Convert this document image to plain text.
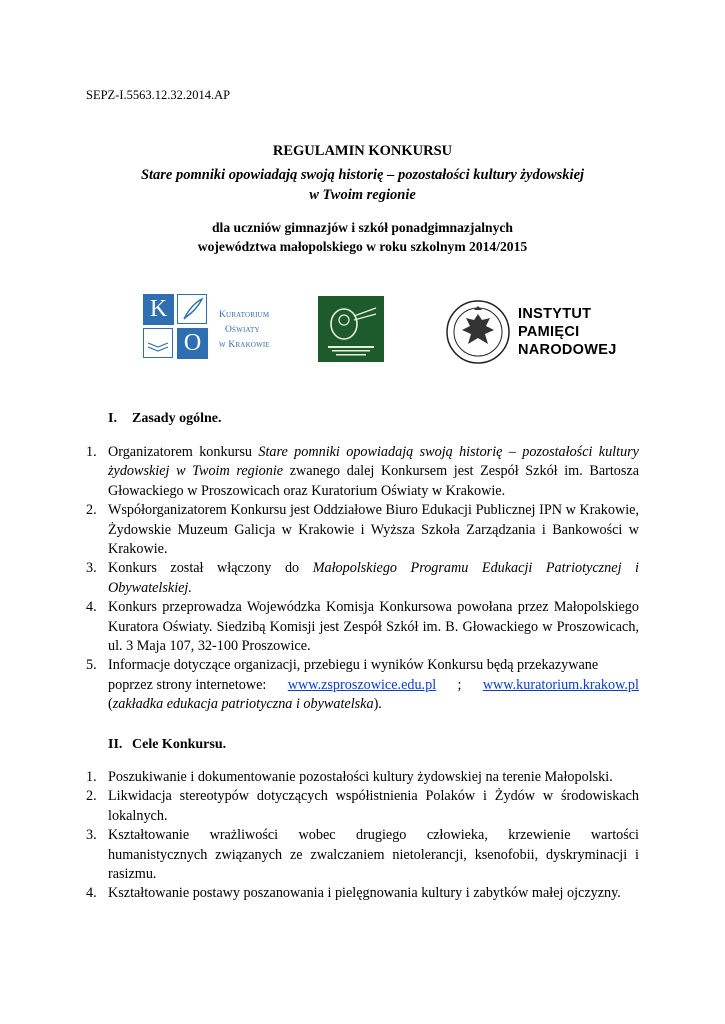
SEPZ-I.5563.12.32.2014.AP
REGULAMIN KONKURSU
Stare pomniki opowiadają swoją historię – pozostałości kultury żydowskiej
w Twoim regionie
dla uczniów gimnazjów i szkół ponadgimnazjalnych
województwa małopolskiego w roku szkolnym 2014/2015
K
O
Kuratorium
Oświaty
w Krakowie
INSTYTUT
PAMIĘCI
NARODOWEJ
I. Zasady ogólne.
1. Organizatorem konkursu Stare pomniki opowiadają swoją historię – pozostałości kultury żydowskiej w Twoim regionie zwanego dalej Konkursem jest Zespół Szkół im. Bartosza Głowackiego w Proszowicach oraz Kuratorium Oświaty w Krakowie.
2. Współorganizatorem Konkursu jest Oddziałowe Biuro Edukacji Publicznej IPN w Krakowie, Żydowskie Muzeum Galicja w Krakowie i Wyższa Szkoła Zarządzania i Bankowości w Krakowie.
3. Konkurs został włączony do Małopolskiego Programu Edukacji Patriotycznej i Obywatelskiej.
4. Konkurs przeprowadza Wojewódzka Komisja Konkursowa powołana przez Małopolskiego Kuratora Oświaty. Siedzibą Komisji jest Zespół Szkół im. B. Głowackiego w Proszowicach, ul. 3 Maja 107, 32-100 Proszowice.
5. Informacje dotyczące organizacji, przebiegu i wyników Konkursu będą przekazywane
poprzez strony internetowe: www.zsproszowice.edu.pl ; www.kuratorium.krakow.pl
(zakładka edukacja patriotyczna i obywatelska).
II. Cele Konkursu.
1. Poszukiwanie i dokumentowanie pozostałości kultury żydowskiej na terenie Małopolski.
2. Likwidacja stereotypów dotyczących współistnienia Polaków i Żydów w środowiskach lokalnych.
3. Kształtowanie wrażliwości wobec drugiego człowieka, krzewienie wartości humanistycznych związanych ze zwalczaniem nietolerancji, ksenofobii, dyskryminacji i rasizmu.
4. Kształtowanie postawy poszanowania i pielęgnowania kultury i zabytków małej ojczyzny.
